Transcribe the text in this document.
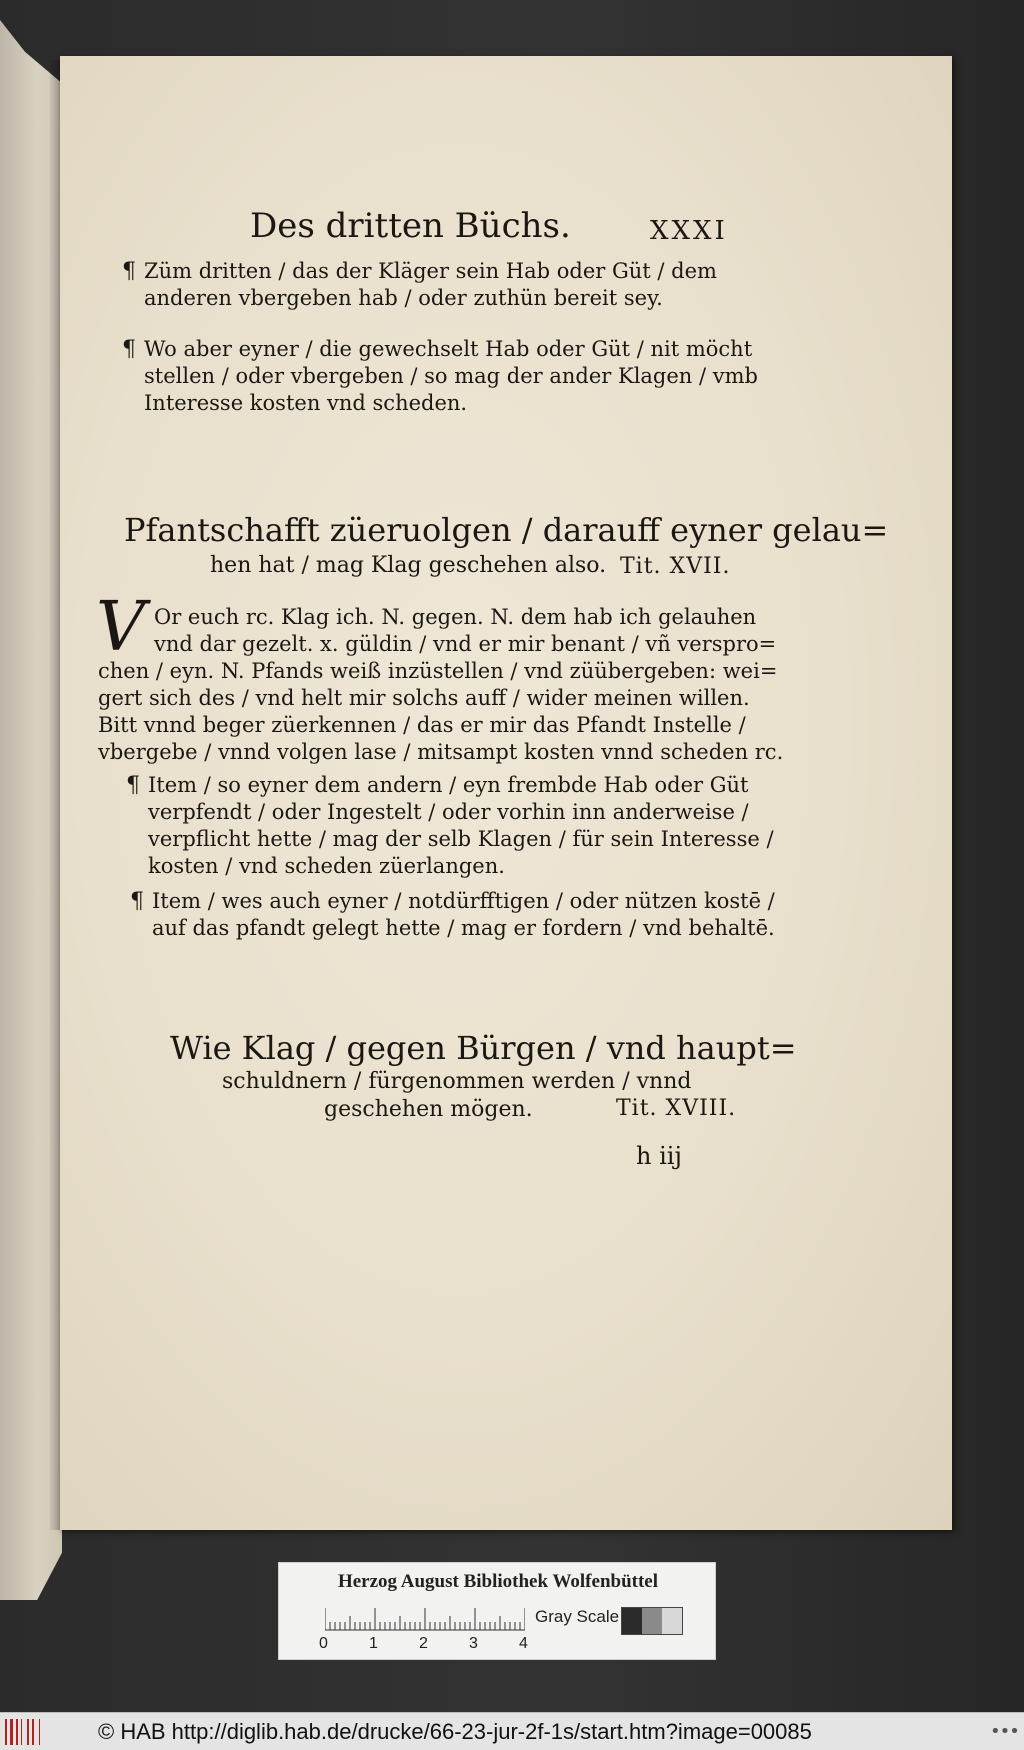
Des dritten Büchs.	XXXI
¶ Züm dritten / das der Kläger sein Hab oder Güt / dem
anderen vbergeben hab / oder zuthün bereit sey.
¶ Wo aber eyner / die gewechselt Hab oder Güt / nit möcht
stellen / oder vbergeben / so mag der ander Klagen / vmb
Interesse kosten vnd scheden.
Pfantschafft züeruolgen / darauff eyner gelau=
hen hat / mag Klag geschehen also. Tit. XVII.
V Or euch rc. Klag ich. N. gegen. N. dem hab ich gelauhen
vnd dar gezelt. x. güldin / vnd er mir benant / vñ versprо=
chen / eyn. N. Pfands weiß inzüstellen / vnd züübergeben: wei=
gert sich des / vnd helt mir solchs auff / wider meinen willen.
Bitt vnnd beger züerkennen / das er mir das Pfandt Instelle /
vbergebe / vnnd volgen lase / mitsampt kosten vnnd scheden rc.
¶ Item / so eyner dem andern / eyn frembde Hab oder Güt
verpfendt / oder Ingestelt / oder vorhin inn anderweise /
verpflicht hette / mag der selb Klagen / für sein Interesse /
kosten / vnd scheden züerlangen.
¶ Item / wes auch eyner / notdürfftigen / oder nützen kostē /
auf das pfandt gelegt hette / mag er fordern / vnd behaltē.
Wie Klag / gegen Bürgen / vnd haupt=
schuldnern / fürgenommen werden / vnnd
geschehen mögen.	Tit. XVIII.
h iij
Herzog August Bibliothek Wolfenbüttel
0	1	2	3	4
Gray Scale
© HAB http://diglib.hab.de/drucke/66-23-jur-2f-1s/start.htm?image=00085	•••
